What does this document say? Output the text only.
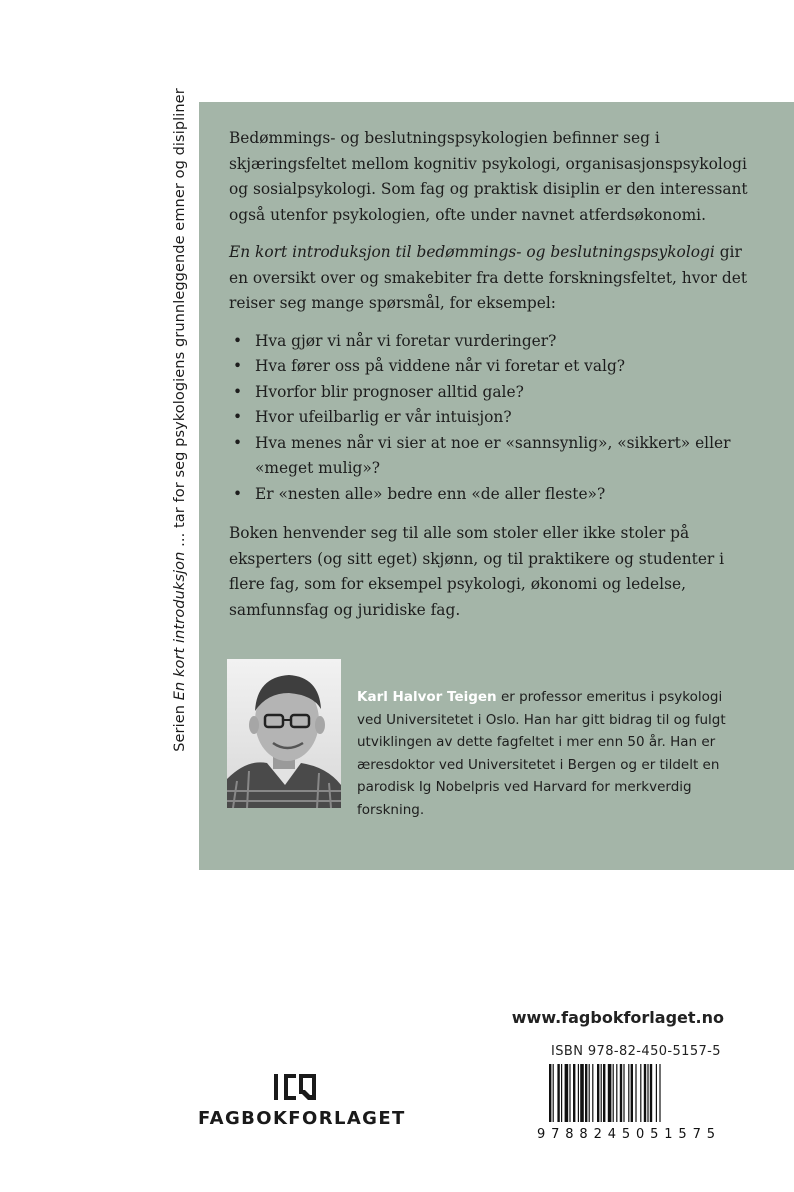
Serien En kort introduksjon ... tar for seg psykologiens grunnleggende emner og disipliner	Bedømmings- og beslutningspsykologien befinner seg i skjæringsfeltet mellom kognitiv psykologi, organisasjonspsykologi og sosialpsykologi. Som fag og praktisk disiplin er den interessant også utenfor psykologien, ofte under navnet atferdsøkonomi.

En kort introduksjon til bedømmings- og beslutningspsykologi gir en oversikt over og smakebiter fra dette forskningsfeltet, hvor det reiser seg mange spørsmål, for eksempel:

• Hva gjør vi når vi foretar vurderinger?
• Hva fører oss på viddene når vi foretar et valg?
• Hvorfor blir prognoser alltid gale?
• Hvor ufeilbarlig er vår intuisjon?
• Hva menes når vi sier at noe er «sannsynlig», «sikkert» eller «meget mulig»?
• Er «nesten alle» bedre enn «de aller fleste»?

Boken henvender seg til alle som stoler eller ikke stoler på eksperters (og sitt eget) skjønn, og til praktikere og studenter i flere fag, som for eksempel psykologi, økonomi og ledelse, samfunnsfag og juridiske fag.

Karl Halvor Teigen er professor emeritus i psykologi ved Universitetet i Oslo. Han har gitt bidrag til og fulgt utviklingen av dette fagfeltet i mer enn 50 år. Han er æresdoktor ved Universitetet i Bergen og er tildelt en parodisk Ig Nobelpris ved Harvard for merkverdig forskning.
www.fagbokforlaget.no
ISBN 978-82-450-5157-5
9788245051575
FAGBOKFORLAGET
